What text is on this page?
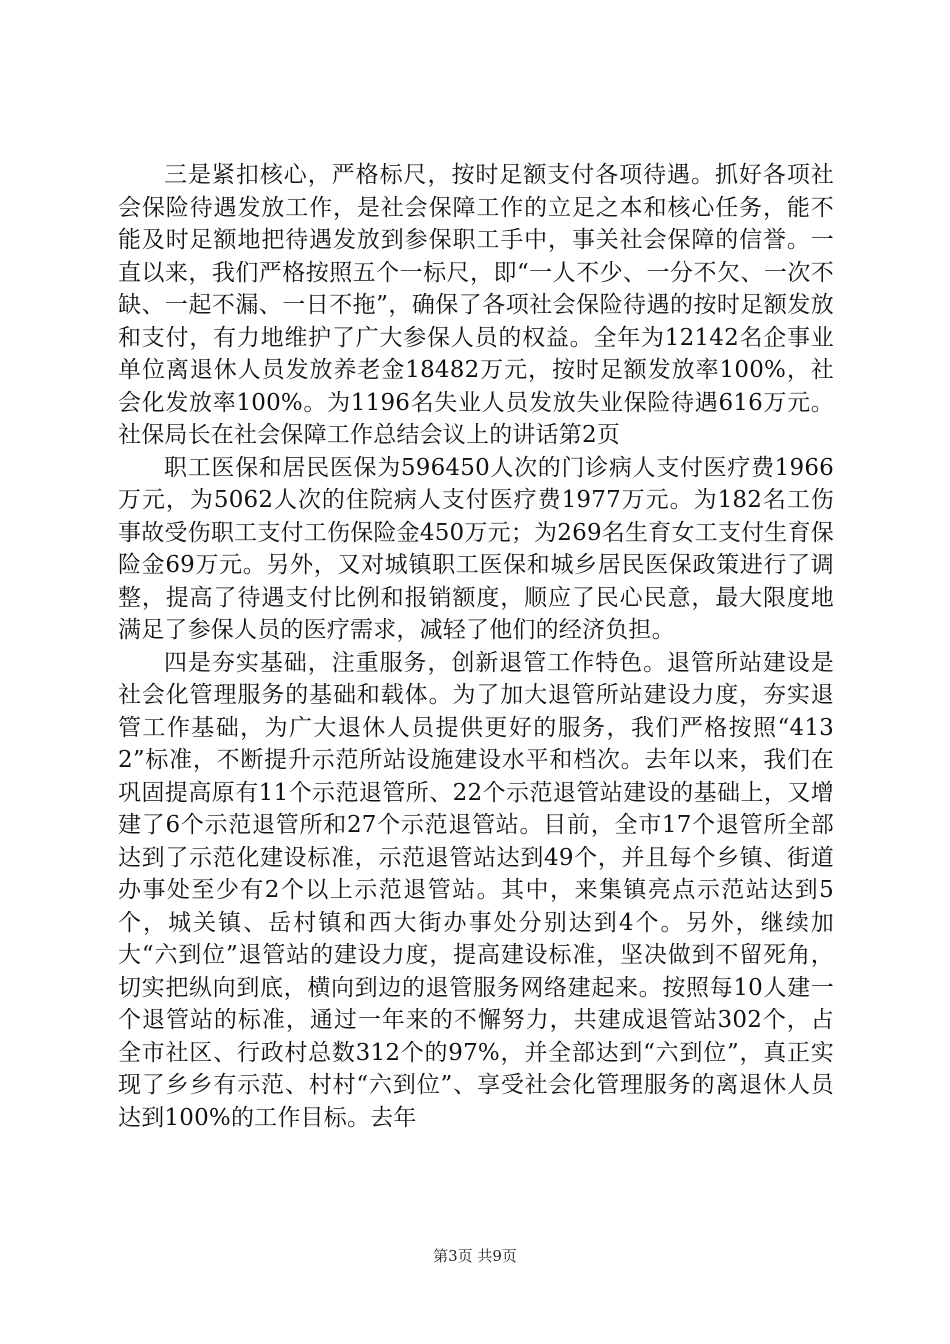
三是紧扣核心，严格标尺，按时足额支付各项待遇。抓好各项社会保险待遇发放工作，是社会保障工作的立足之本和核心任务，能不能及时足额地把待遇发放到参保职工手中，事关社会保障的信誉。一直以来，我们严格按照五个一标尺，即“一人不少、一分不欠、一次不缺、一起不漏、一日不拖”，确保了各项社会保险待遇的按时足额发放和支付，有力地维护了广大参保人员的权益。全年为12142名企事业单位离退休人员发放养老金18482万元，按时足额发放率100%，社会化发放率100%。为1196名失业人员发放失业保险待遇616万元。社保局长在社会保障工作总结会议上的讲话第2页

职工医保和居民医保为596450人次的门诊病人支付医疗费1966万元，为5062人次的住院病人支付医疗费1977万元。为182名工伤事故受伤职工支付工伤保险金450万元；为269名生育女工支付生育保险金69万元。另外，又对城镇职工医保和城乡居民医保政策进行了调整，提高了待遇支付比例和报销额度，顺应了民心民意，最大限度地满足了参保人员的医疗需求，减轻了他们的经济负担。

四是夯实基础，注重服务，创新退管工作特色。退管所站建设是社会化管理服务的基础和载体。为了加大退管所站建设力度，夯实退管工作基础，为广大退休人员提供更好的服务，我们严格按照“4132”标准，不断提升示范所站设施建设水平和档次。去年以来，我们在巩固提高原有11个示范退管所、22个示范退管站建设的基础上，又增建了6个示范退管所和27个示范退管站。目前，全市17个退管所全部达到了示范化建设标准，示范退管站达到49个，并且每个乡镇、街道办事处至少有2个以上示范退管站。其中，来集镇亮点示范站达到5个，城关镇、岳村镇和西大街办事处分别达到4个。另外，继续加大“六到位”退管站的建设力度，提高建设标准，坚决做到不留死角，切实把纵向到底，横向到边的退管服务网络建起来。按照每10人建一个退管站的标准，通过一年来的不懈努力，共建成退管站302个，占全市社区、行政村总数312个的97%，并全部达到“六到位”，真正实现了乡乡有示范、村村“六到位”、享受社会化管理服务的离退休人员达到100%的工作目标。去年

第3页 共9页
